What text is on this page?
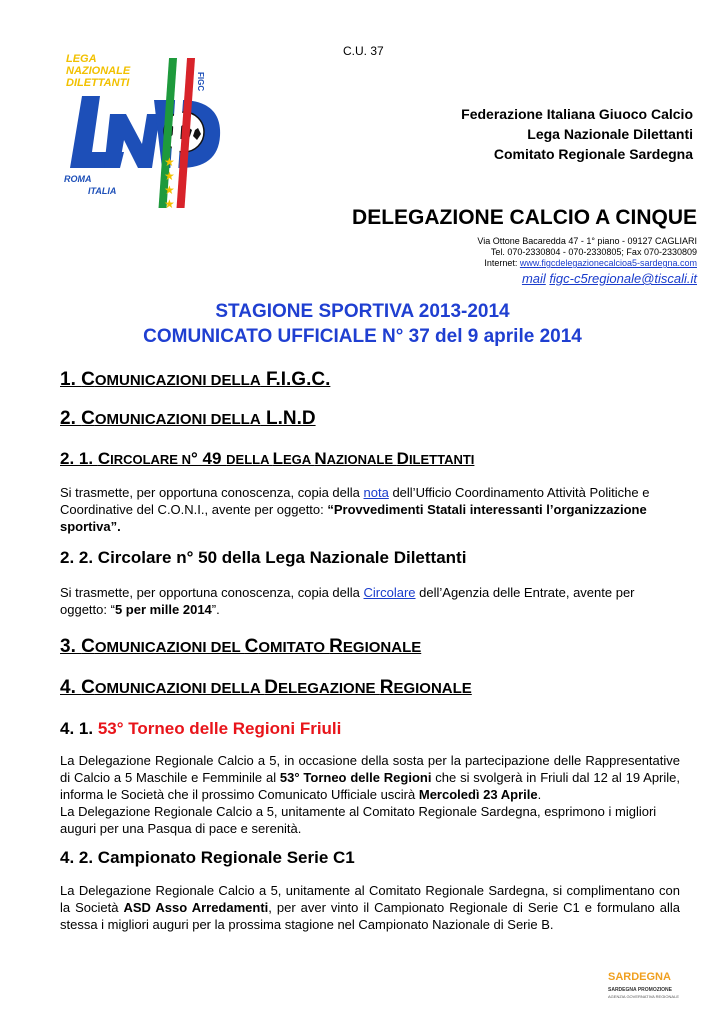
LEGA
NAZIONALE
DILETTANTI	FIGC
★
★
★
★
ROMA
ITALIA
C.U. 37
Federazione Italiana Giuoco Calcio
Lega Nazionale Dilettanti
Comitato Regionale Sardegna
DELEGAZIONE CALCIO A CINQUE
Via Ottone Bacaredda 47 - 1° piano - 09127 CAGLIARI
Tel. 070-2330804 - 070-2330805; Fax 070-2330809
Internet: www.figcdelegazionecalcioa5-sardegna.com
mail figc-c5regionale@tiscali.it
STAGIONE SPORTIVA 2013-2014
COMUNICATO UFFICIALE N° 37 del 9 aprile 2014
1. COMUNICAZIONI DELLA F.I.G.C.
2. COMUNICAZIONI DELLA L.N.D
2. 1. CIRCOLARE N° 49 DELLA LEGA NAZIONALE DILETTANTI
Si trasmette, per opportuna conoscenza, copia della nota dell’Ufficio Coordinamento Attività Politiche e Coordinative del C.O.N.I., avente per oggetto: “Provvedimenti Statali interessanti l’organizzazione sportiva”.
2. 2. Circolare n° 50 della Lega Nazionale Dilettanti
Si trasmette, per opportuna conoscenza, copia della Circolare dell’Agenzia delle Entrate, avente per oggetto: “5 per mille 2014”.
3. COMUNICAZIONI DEL COMITATO REGIONALE
4. COMUNICAZIONI DELLA DELEGAZIONE REGIONALE
4. 1. 53° Torneo delle Regioni Friuli
La Delegazione Regionale Calcio a 5, in occasione della sosta per la partecipazione delle Rappresentative di Calcio a 5 Maschile e Femminile al 53° Torneo delle Regioni che si svolgerà in Friuli dal 12 al 19 Aprile, informa le Società che il prossimo Comunicato Ufficiale uscirà Mercoledì 23 Aprile.
La Delegazione Regionale Calcio a 5, unitamente al Comitato Regionale Sardegna, esprimono i migliori auguri per una Pasqua di pace e serenità.
4. 2. Campionato Regionale Serie C1
La Delegazione Regionale Calcio a 5, unitamente al Comitato Regionale Sardegna, si complimentano con la Società ASD Asso Arredamenti, per aver vinto il Campionato Regionale di Serie C1 e formulano alla stessa i migliori auguri per la prossima stagione nel Campionato Nazionale di Serie B.
SARDEGNA
SARDEGNA PROMOZIONE
AGENZIA GOVERNATIVA REGIONALE
